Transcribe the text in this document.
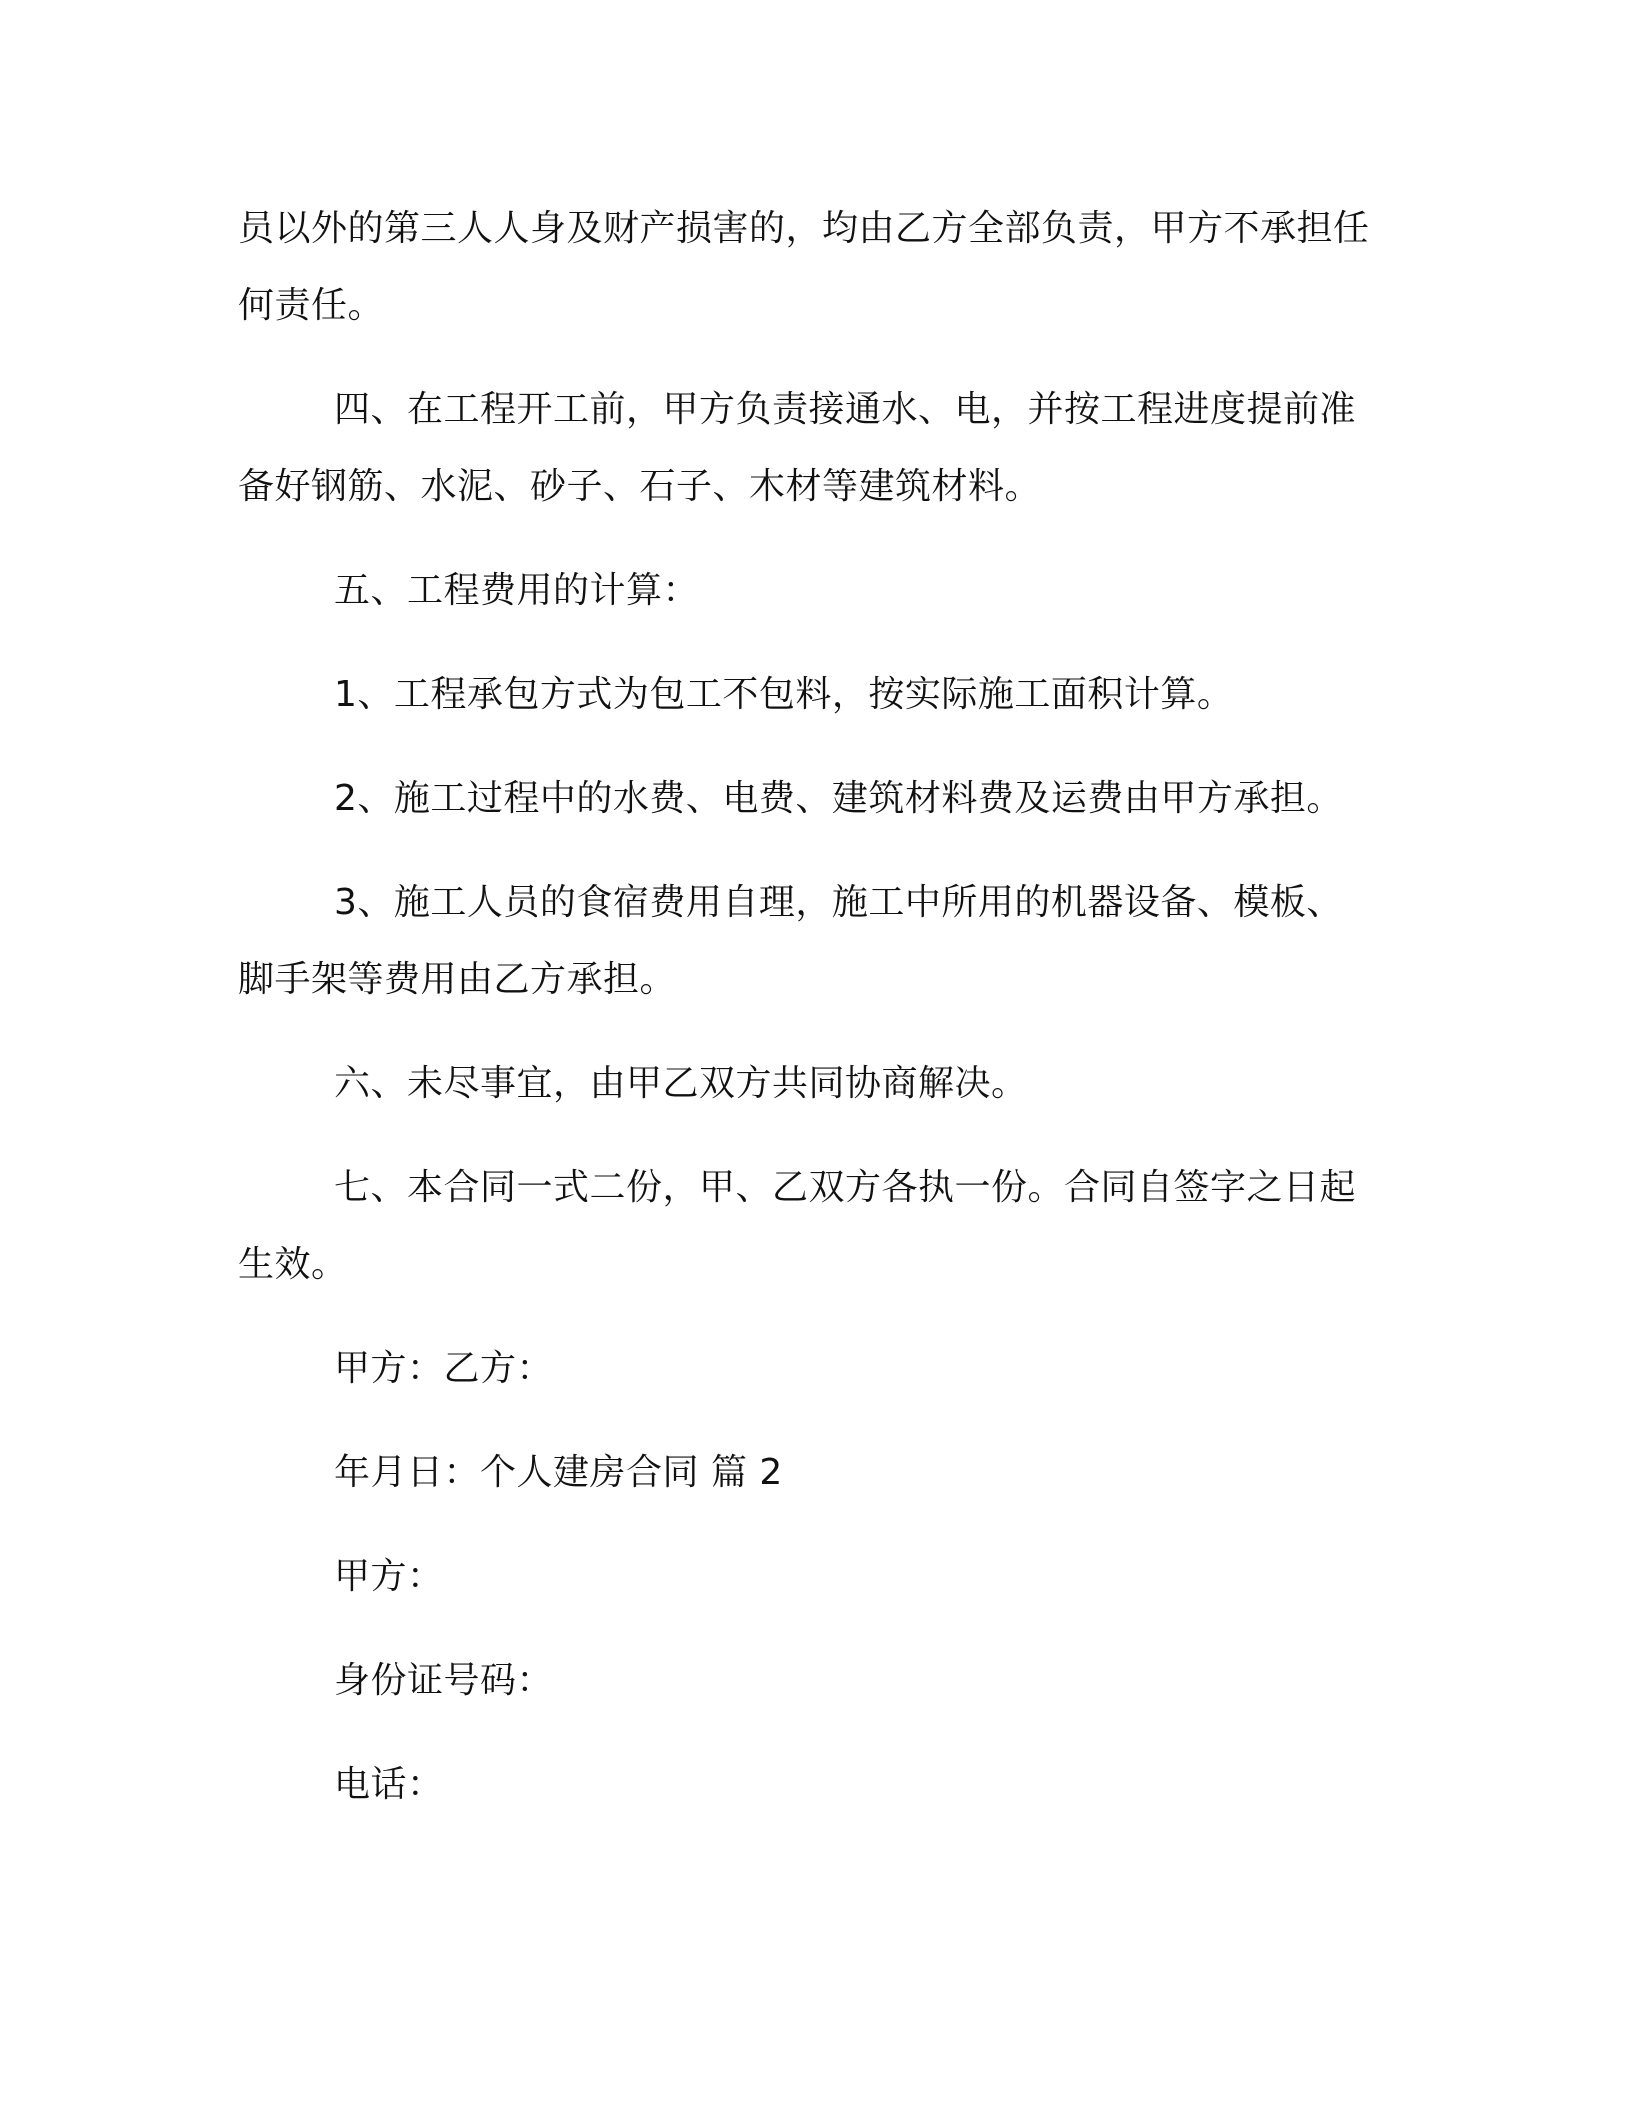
员以外的第三人人身及财产损害的，均由乙方全部负责，甲方不承担任何责任。

四、在工程开工前，甲方负责接通水、电，并按工程进度提前准备好钢筋、水泥、砂子、石子、木材等建筑材料。

五、工程费用的计算：

1、工程承包方式为包工不包料，按实际施工面积计算。

2、施工过程中的水费、电费、建筑材料费及运费由甲方承担。

3、施工人员的食宿费用自理，施工中所用的机器设备、模板、脚手架等费用由乙方承担。

六、未尽事宜，由甲乙双方共同协商解决。

七、本合同一式二份，甲、乙双方各执一份。合同自签字之日起生效。

甲方：乙方：

年月日：个人建房合同 篇 2

甲方：

身份证号码：

电话：
